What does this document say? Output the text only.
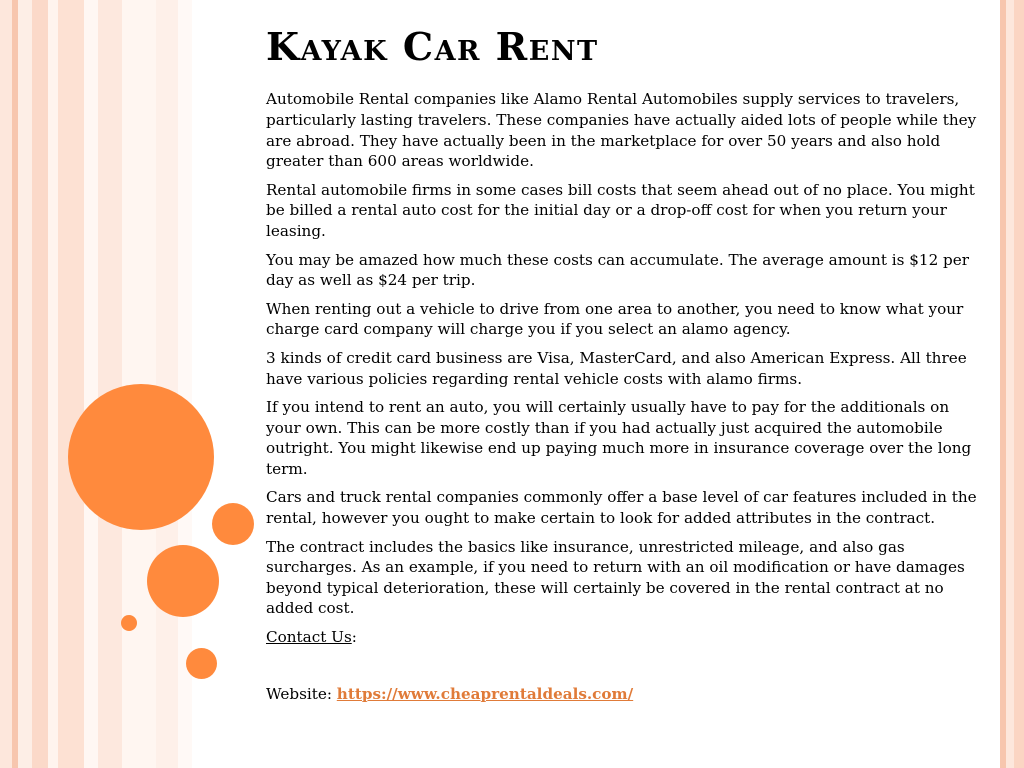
Kayak Car Rent

Automobile Rental companies like Alamo Rental Automobiles supply services to travelers, particularly lasting travelers. These companies have actually aided lots of people while they are abroad. They have actually been in the marketplace for over 50 years and also hold greater than 600 areas worldwide.

Rental automobile firms in some cases bill costs that seem ahead out of no place. You might be billed a rental auto cost for the initial day or a drop-off cost for when you return your leasing.

You may be amazed how much these costs can accumulate. The average amount is $12 per day as well as $24 per trip.

When renting out a vehicle to drive from one area to another, you need to know what your charge card company will charge you if you select an alamo agency.

3 kinds of credit card business are Visa, MasterCard, and also American Express. All three have various policies regarding rental vehicle costs with alamo firms.

If you intend to rent an auto, you will certainly usually have to pay for the additionals on your own. This can be more costly than if you had actually just acquired the automobile outright. You might likewise end up paying much more in insurance coverage over the long term.

Cars and truck rental companies commonly offer a base level of car features included in the rental, however you ought to make certain to look for added attributes in the contract.

The contract includes the basics like insurance, unrestricted mileage, and also gas surcharges. As an example, if you need to return with an oil modification or have damages beyond typical deterioration, these will certainly be covered in the rental contract at no added cost.

Contact Us:

Website: https://www.cheaprentaldeals.com/
